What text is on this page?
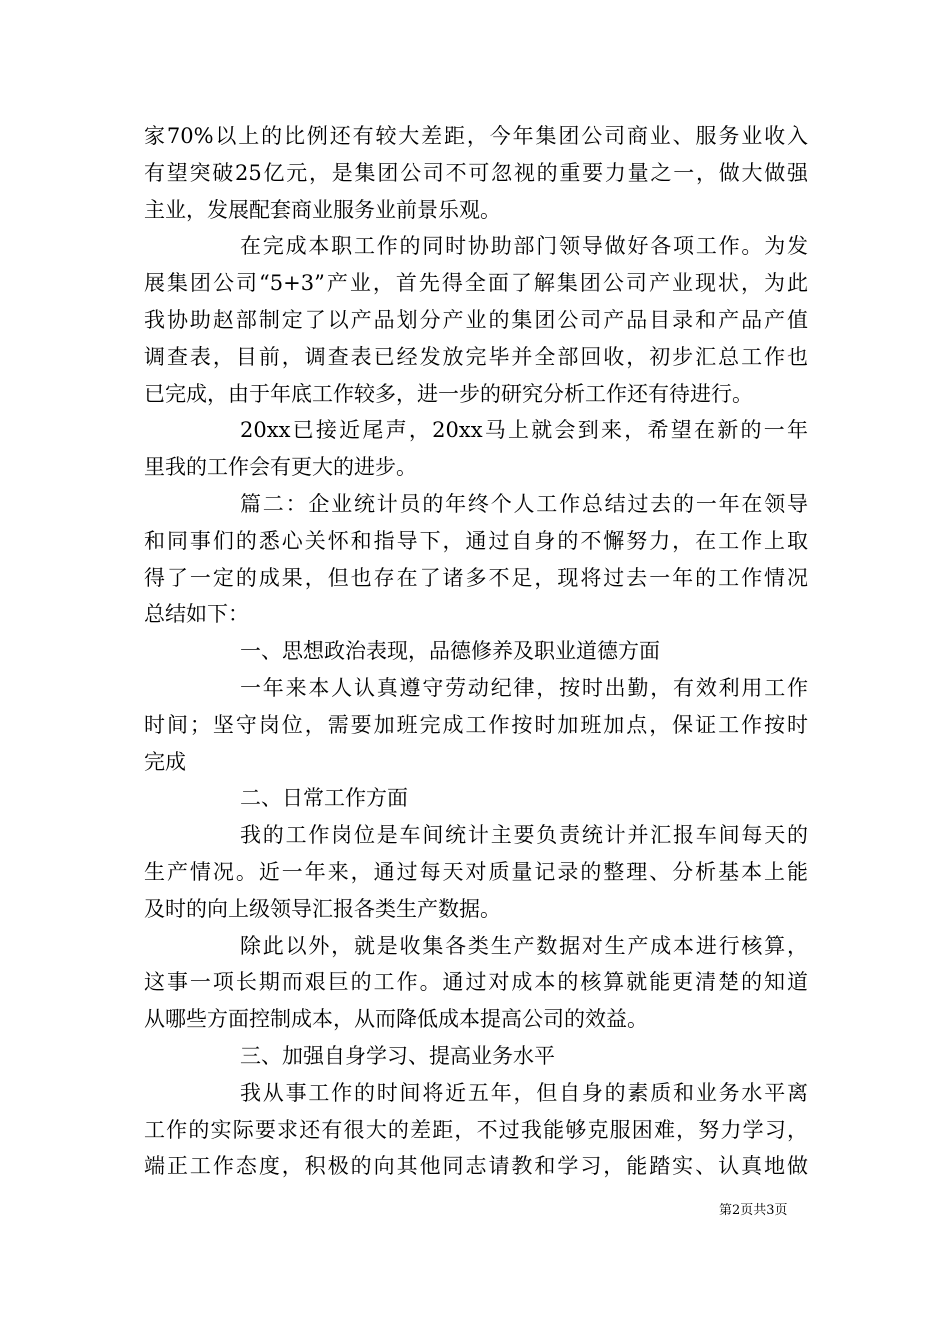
家70%以上的比例还有较大差距，今年集团公司商业、服务业收入
有望突破25亿元，是集团公司不可忽视的重要力量之一，做大做强
主业，发展配套商业服务业前景乐观。
在完成本职工作的同时协助部门领导做好各项工作。为发
展集团公司“5+3”产业，首先得全面了解集团公司产业现状，为此
我协助赵部制定了以产品划分产业的集团公司产品目录和产品产值
调查表，目前，调查表已经发放完毕并全部回收，初步汇总工作也
已完成，由于年底工作较多，进一步的研究分析工作还有待进行。
20xx已接近尾声，20xx马上就会到来，希望在新的一年
里我的工作会有更大的进步。
篇二：企业统计员的年终个人工作总结过去的一年在领导
和同事们的悉心关怀和指导下，通过自身的不懈努力，在工作上取
得了一定的成果，但也存在了诸多不足，现将过去一年的工作情况
总结如下：
一、思想政治表现，品德修养及职业道德方面
一年来本人认真遵守劳动纪律，按时出勤，有效利用工作
时间；坚守岗位，需要加班完成工作按时加班加点，保证工作按时
完成
二、日常工作方面
我的工作岗位是车间统计主要负责统计并汇报车间每天的
生产情况。近一年来，通过每天对质量记录的整理、分析基本上能
及时的向上级领导汇报各类生产数据。
除此以外，就是收集各类生产数据对生产成本进行核算，
这事一项长期而艰巨的工作。通过对成本的核算就能更清楚的知道
从哪些方面控制成本，从而降低成本提高公司的效益。
三、加强自身学习、提高业务水平
我从事工作的时间将近五年，但自身的素质和业务水平离
工作的实际要求还有很大的差距，不过我能够克服困难，努力学习，
端正工作态度，积极的向其他同志请教和学习，能踏实、认真地做
第2页共3页
